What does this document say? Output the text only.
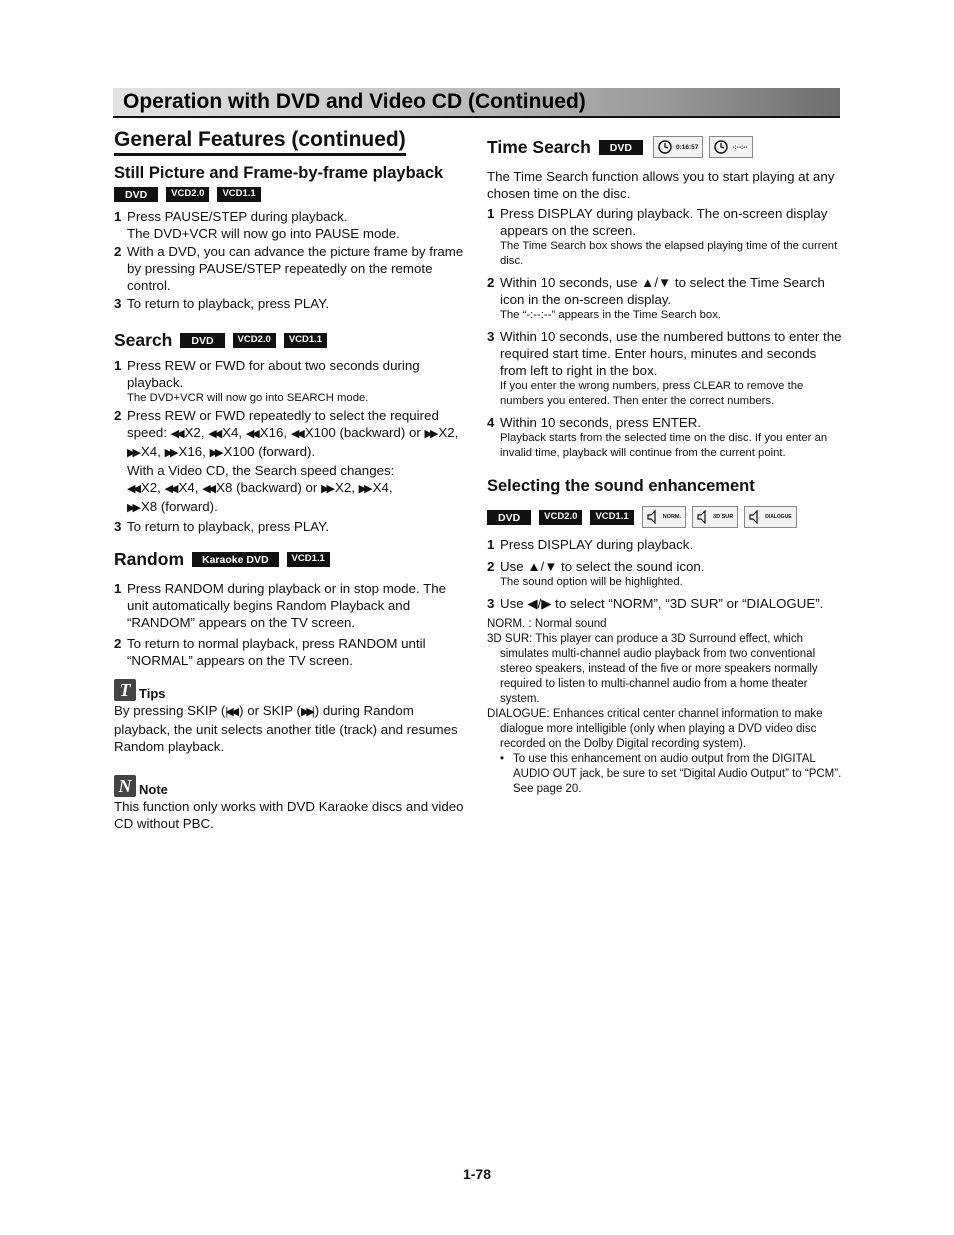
Operation with DVD and Video CD (Continued)
General Features (continued)
Still Picture and Frame-by-frame playback
DVD	VCD2.0	VCD1.1
1 Press PAUSE/STEP during playback.
The DVD+VCR will now go into PAUSE mode.
2 With a DVD, you can advance the picture frame by frame by pressing PAUSE/STEP repeatedly on the remote control.
3 To return to playback, press PLAY.
Search	DVD	VCD2.0	VCD1.1
1 Press REW or FWD for about two seconds during playback.
The DVD+VCR will now go into SEARCH mode.
2 Press REW or FWD repeatedly to select the required speed: ◀◀ X2, ◀◀ X4, ◀◀ X16, ◀◀ X100 (backward) or ▶▶ X2, ▶▶ X4, ▶▶ X16, ▶▶ X100 (forward).
With a Video CD, the Search speed changes:
◀◀ X2, ◀◀ X4, ◀◀ X8 (backward) or ▶▶ X2, ▶▶ X4,
▶▶ X8 (forward).
3 To return to playback, press PLAY.
Random	Karaoke DVD	VCD1.1
1 Press RANDOM during playback or in stop mode. The unit automatically begins Random Playback and “RANDOM” appears on the TV screen.
2 To return to normal playback, press RANDOM until “NORMAL” appears on the TV screen.
T Tips
By pressing SKIP (|◀◀ ) or SKIP (▶▶| ) during Random playback, the unit selects another title (track) and resumes Random playback.
N Note
This function only works with DVD Karaoke discs and video CD without PBC.
Time Search	DVD	0:16:57	-:--:--
The Time Search function allows you to start playing at any chosen time on the disc.
1 Press DISPLAY during playback. The on-screen display appears on the screen.
The Time Search box shows the elapsed playing time of the current disc.
2 Within 10 seconds, use ▲/▼ to select the Time Search icon in the on-screen display.
The “-:--:--” appears in the Time Search box.
3 Within 10 seconds, use the numbered buttons to enter the required start time. Enter hours, minutes and seconds from left to right in the box.
If you enter the wrong numbers, press CLEAR to remove the numbers you entered. Then enter the correct numbers.
4 Within 10 seconds, press ENTER.
Playback starts from the selected time on the disc. If you enter an invalid time, playback will continue from the current point.
Selecting the sound enhancement
DVD	VCD2.0	VCD1.1	NORM.	3D SUR	DIALOGUE
1 Press DISPLAY during playback.
2 Use ▲/▼ to select the sound icon.
The sound option will be highlighted.
3 Use ◀/▶ to select “NORM”, “3D SUR” or “DIALOGUE”.
NORM. : Normal sound
3D SUR: This player can produce a 3D Surround effect, which simulates multi-channel audio playback from two conventional stereo speakers, instead of the five or more speakers normally required to listen to multi-channel audio from a home theater system.
DIALOGUE: Enhances critical center channel information to make dialogue more intelligible (only when playing a DVD video disc recorded on the Dolby Digital recording system).
• To use this enhancement on audio output from the DIGITAL AUDIO OUT jack, be sure to set “Digital Audio Output” to “PCM”. See page 20.
1-78
